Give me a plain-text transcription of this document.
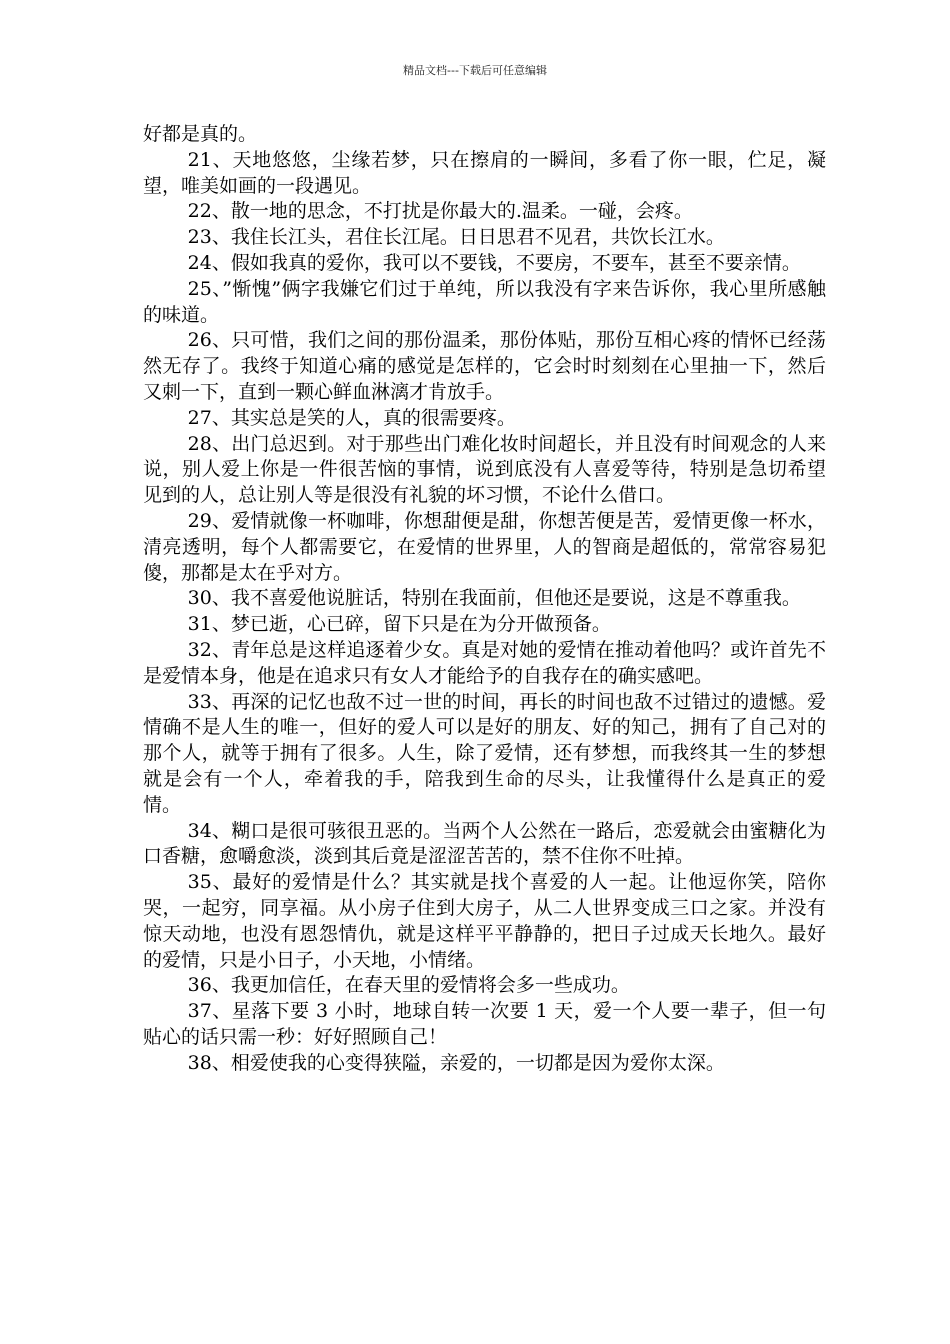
精品文档---下载后可任意编辑

好都是真的。

21、天地悠悠，尘缘若梦，只在擦肩的一瞬间，多看了你一眼，伫足，凝望，唯美如画的一段遇见。

22、散一地的思念，不打扰是你最大的.温柔。一碰，会疼。

23、我住长江头，君住长江尾。日日思君不见君，共饮长江水。

24、假如我真的爱你，我可以不要钱，不要房，不要车，甚至不要亲情。

25、”惭愧”俩字我嫌它们过于单纯，所以我没有字来告诉你，我心里所感触的味道。

26、只可惜，我们之间的那份温柔，那份体贴，那份互相心疼的情怀已经荡然无存了。我终于知道心痛的感觉是怎样的，它会时时刻刻在心里抽一下，然后又刺一下，直到一颗心鲜血淋漓才肯放手。

27、其实总是笑的人，真的很需要疼。

28、出门总迟到。对于那些出门难化妆时间超长，并且没有时间观念的人来说，别人爱上你是一件很苦恼的事情，说到底没有人喜爱等待，特别是急切希望见到的人，总让别人等是很没有礼貌的坏习惯，不论什么借口。

29、爱情就像一杯咖啡，你想甜便是甜，你想苦便是苦，爱情更像一杯水，清亮透明，每个人都需要它，在爱情的世界里，人的智商是超低的，常常容易犯傻，那都是太在乎对方。

30、我不喜爱他说脏话，特别在我面前，但他还是要说，这是不尊重我。

31、梦已逝，心已碎，留下只是在为分开做预备。

32、青年总是这样追逐着少女。真是对她的爱情在推动着他吗？或许首先不是爱情本身，他是在追求只有女人才能给予的自我存在的确实感吧。

33、再深的记忆也敌不过一世的时间，再长的时间也敌不过错过的遗憾。爱情确不是人生的唯一，但好的爱人可以是好的朋友、好的知己，拥有了自己对的那个人，就等于拥有了很多。人生，除了爱情，还有梦想，而我终其一生的梦想就是会有一个人，牵着我的手，陪我到生命的尽头，让我懂得什么是真正的爱情。

34、糊口是很可骇很丑恶的。当两个人公然在一路后，恋爱就会由蜜糖化为口香糖，愈嚼愈淡，淡到其后竟是涩涩苦苦的，禁不住你不吐掉。

35、最好的爱情是什么？其实就是找个喜爱的人一起。让他逗你笑，陪你哭，一起穷，同享福。从小房子住到大房子，从二人世界变成三口之家。并没有惊天动地，也没有恩怨情仇，就是这样平平静静的，把日子过成天长地久。最好的爱情，只是小日子，小天地，小情绪。

36、我更加信任，在春天里的爱情将会多一些成功。

37、星落下要 3 小时，地球自转一次要 1 天，爱一个人要一辈子，但一句贴心的话只需一秒：好好照顾自己！

38、相爱使我的心变得狭隘，亲爱的，一切都是因为爱你太深。
